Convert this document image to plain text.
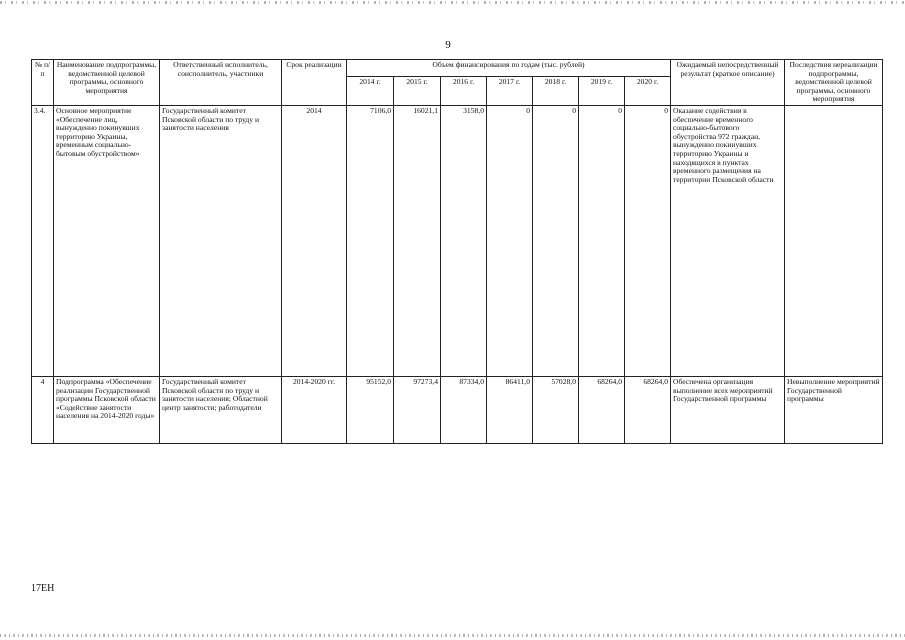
9
№ п/п	Наименование подпрограммы, ведомственной целевой программы, основного мероприятия	Ответственный исполнитель, соисполнитель, участники	Срок реализации	Объем финансирования по годам (тыс. рублей)							Ожидаемый непосредственный результат (краткое описание)	Последствия нереализации подпрограммы, ведомственной целевой программы, основного мероприятия
				2014 г.	2015 г.	2016 г.	2017 г.	2018 г.	2019 г.	2020 г.		
3.4.	Основное мероприятие «Обеспечение лиц, вынужденно покинувших территорию Украины, временным социально-бытовым обустройством»	Государственный комитет Псковской области по труду и занятости населения	2014	7106,0	16021,1	3158,0	0	0	0	0	Оказание содействия в обеспечение временного социально-бытового обустройства 972 граждан, вынужденно покинувших территорию Украины и находящихся в пунктах временного размещения на территории Псковской области	
4	Подпрограмма «Обеспечение реализации Государственной программы Псковской области «Содействие занятости населения на 2014-2020 годы»	Государственный комитет Псковской области по труду и занятости населения; Областной центр занятости; работодатели	2014-2020 гг.	95152,0	97273,4	87334,0	86411,0	57028,0	68264,0	68264,0	Обеспечена организация выполнение всех мероприятий Государственной программы	Невыполнение мероприятий Государственной программы
17EH
